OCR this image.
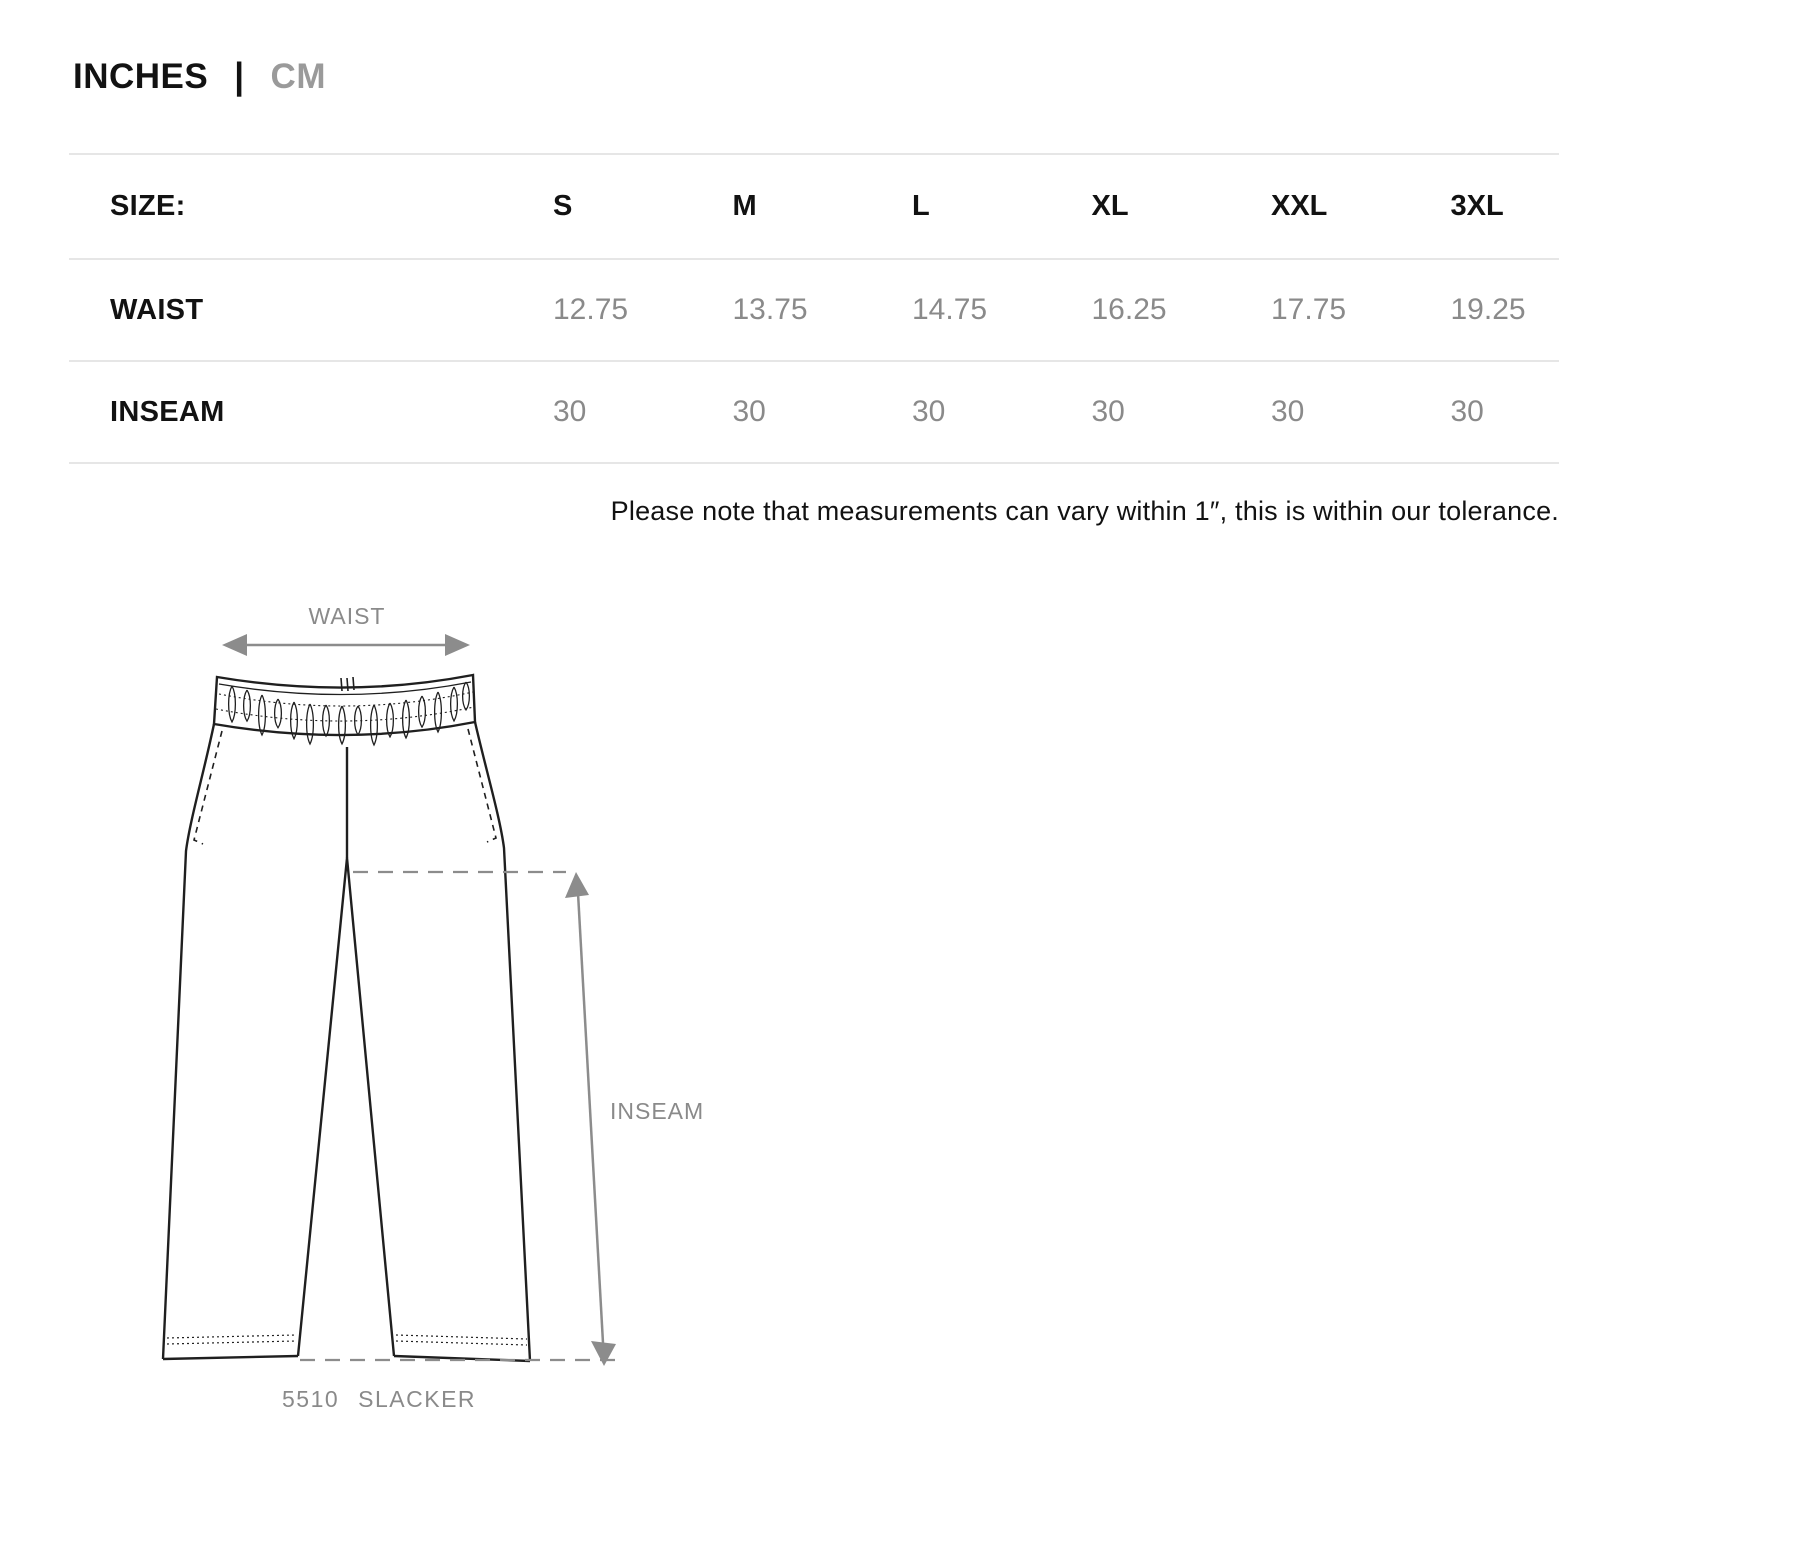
INCHES | CM
SIZE:	S	M	L	XL	XXL	3XL
WAIST	12.75	13.75	14.75	16.25	17.75	19.25
INSEAM	30	30	30	30	30	30
Please note that measurements can vary within 1″, this is within our tolerance.
WAIST
INSEAM
5510 SLACKER
